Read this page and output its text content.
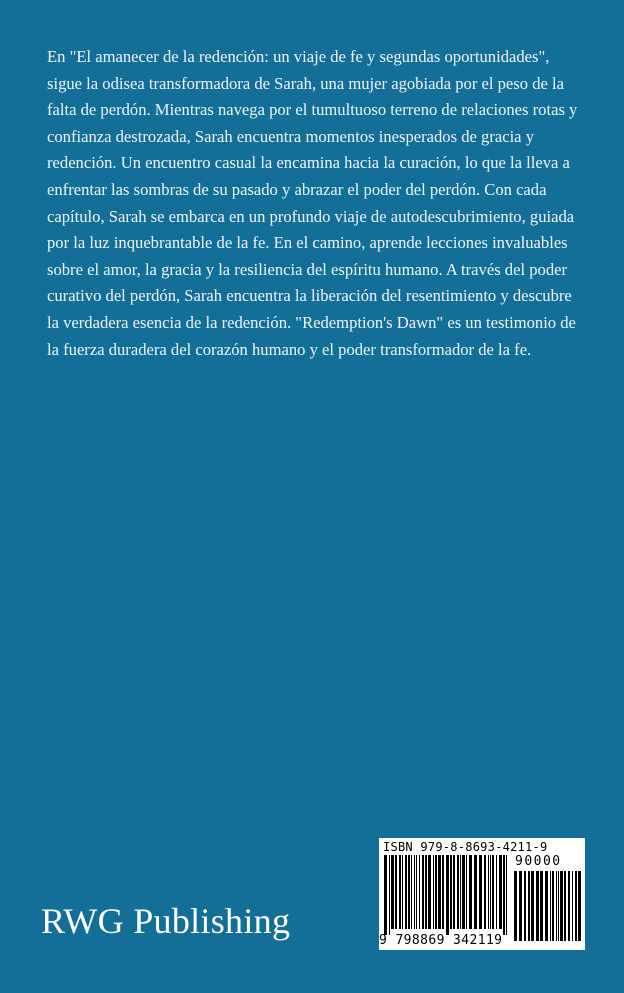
En "El amanecer de la redención: un viaje de fe y segundas oportunidades", sigue la odisea transformadora de Sarah, una mujer agobiada por el peso de la falta de perdón. Mientras navega por el tumultuoso terreno de relaciones rotas y confianza destrozada, Sarah encuentra momentos inesperados de gracia y redención. Un encuentro casual la encamina hacia la curación, lo que la lleva a enfrentar las sombras de su pasado y abrazar el poder del perdón. Con cada capítulo, Sarah se embarca en un profundo viaje de autodescubrimiento, guiada por la luz inquebrantable de la fe. En el camino, aprende lecciones invaluables sobre el amor, la gracia y la resiliencia del espíritu humano. A través del poder curativo del perdón, Sarah encuentra la liberación del resentimiento y descubre la verdadera esencia de la redención. "Redemption's Dawn" es un testimonio de la fuerza duradera del corazón humano y el poder transformador de la fe.

RWG Publishing
ISBN 979-8-8693-4211-9
90000
9 798869 342119
